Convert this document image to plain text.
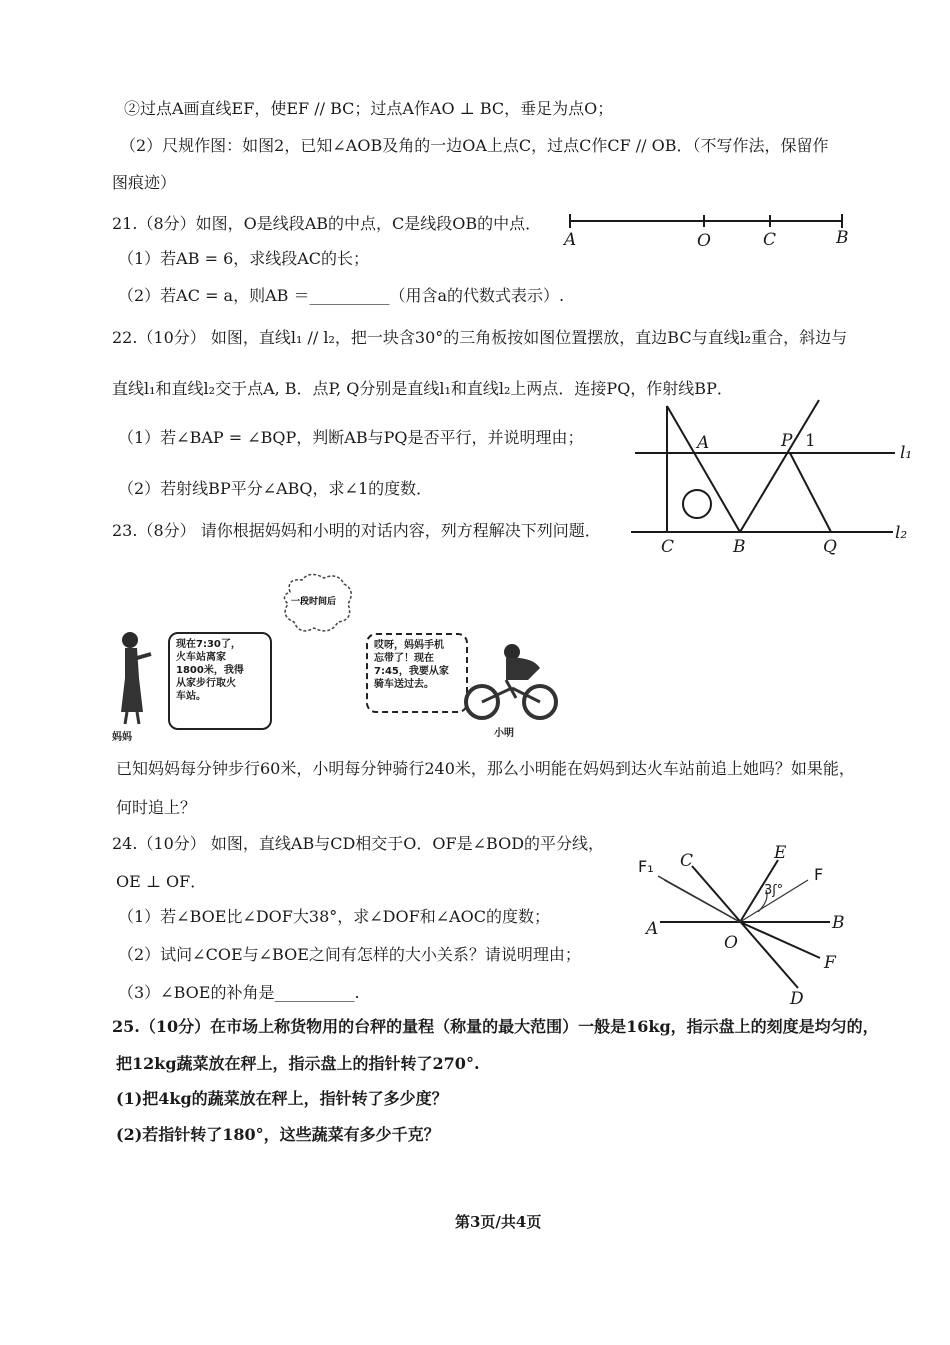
②过点A画直线EF，使EF // BC；过点A作AO ⊥ BC，垂足为点O；
（2）尺规作图：如图2，已知∠AOB及角的一边OA上点C，过点C作CF // OB．（不写作法，保留作
图痕迹）
21.（8分）如图，O是线段AB的中点，C是线段OB的中点．
（1）若AB = 6，求线段AC的长；
（2）若AC = a，则AB ＝__________（用含a的代数式表示）.
22.（10分） 如图，直线l₁ // l₂，把一块含30°的三角板按如图位置摆放，直边BC与直线l₂重合，斜边与
直线l₁和直线l₂交于点A, B．点P, Q分别是直线l₁和直线l₂上两点．连接PQ，作射线BP．
（1）若∠BAP = ∠BQP，判断AB与PQ是否平行，并说明理由；
（2）若射线BP平分∠ABQ，求∠1的度数．
23.（8分） 请你根据妈妈和小明的对话内容，列方程解决下列问题．
已知妈妈每分钟步行60米，小明每分钟骑行240米，那么小明能在妈妈到达火车站前追上她吗？如果能，
何时追上？
24.（10分） 如图，直线AB与CD相交于O．OF是∠BOD的平分线，
OE ⊥ OF．
（1）若∠BOE比∠DOF大38°，求∠DOF和∠AOC的度数；
（2）试问∠COE与∠BOE之间有怎样的大小关系？请说明理由；
（3）∠BOE的补角是__________.
25.（10分）在市场上称货物用的台秤的量程（称量的最大范围）一般是16kg，指示盘上的刻度是均匀的，
把12kg蔬菜放在秤上，指示盘上的指针转了270°.
(1)把4kg的蔬菜放在秤上，指针转了多少度？
(2)若指针转了180°，这些蔬菜有多少千克？
第3页/共4页
A	O	C	B
A	P 1
l₁
C	B	Q
l₂
一段时间后
妈妈
现在7:30了，
火车站离家
1800米，我得
从家步行取火
车站。
哎呀，妈妈手机
忘带了！现在
7:45，我要从家
骑车送过去。
小明
F₁ C	E
F
3ʃ°
A
O
B
F
D
